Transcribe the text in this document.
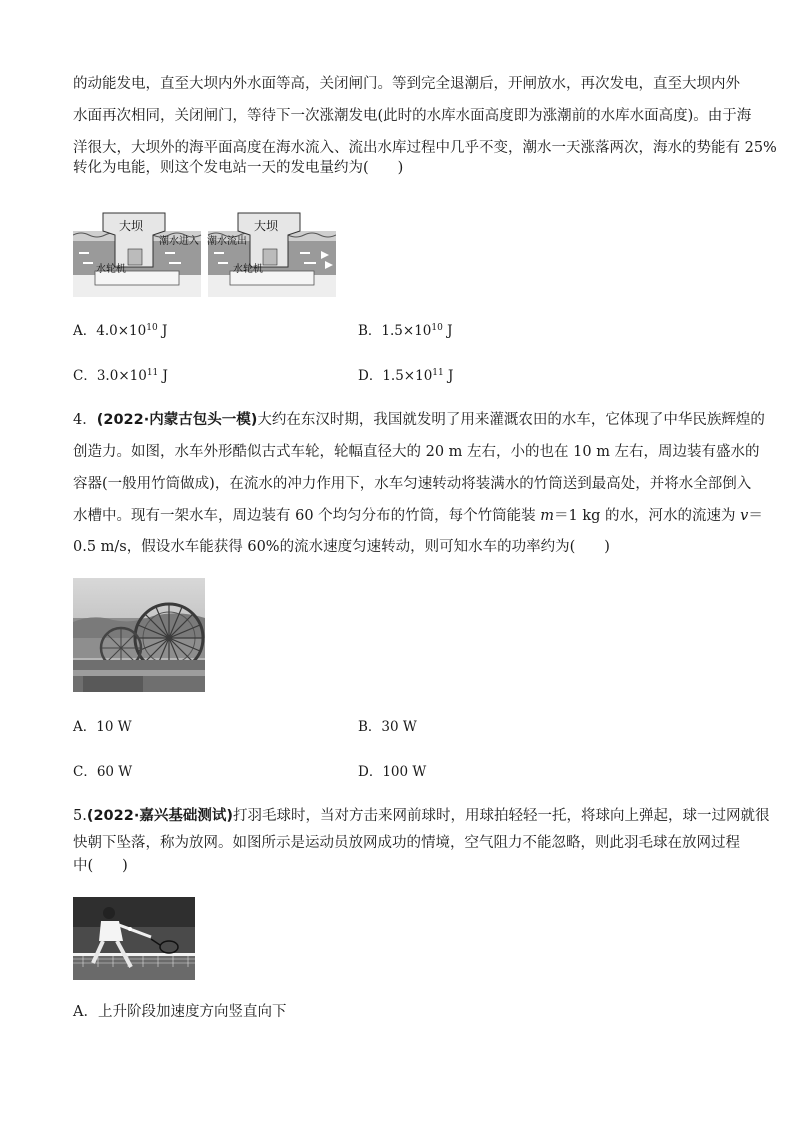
的动能发电，直至大坝内外水面等高，关闭闸门。等到完全退潮后，开闸放水，再次发电，直至大坝内外
水面再次相同，关闭闸门，等待下一次涨潮发电(此时的水库水面高度即为涨潮前的水库水面高度)。由于海
洋很大，大坝外的海平面高度在海水流入、流出水库过程中几乎不变，潮水一天涨落两次，海水的势能有 25%
转化为电能，则这个发电站一天的发电量约为(　　)
大坝	大坝
潮水进入 潮水流出
水轮机	水轮机
A．$4.0\times 10^{10}$ J	B．$1.5\times 10^{10}$ J
C．$3.0\times 10^{11}$ J	D．$1.5\times 10^{11}$ J
4．(2022·内蒙古包头一模)大约在东汉时期，我国就发明了用来灌溉农田的水车，它体现了中华民族辉煌的
创造力。如图，水车外形酷似古式车轮，轮幅直径大的 20 m 左右，小的也在 10 m 左右，周边装有盛水的
容器(一般用竹筒做成)，在流水的冲力作用下，水车匀速转动将装满水的竹筒送到最高处，并将水全部倒入
水槽中。现有一架水车，周边装有 60 个均匀分布的竹筒，每个竹筒能装 m＝1 kg 的水，河水的流速为 v＝
0.5 m/s，假设水车能获得 60%的流水速度匀速转动，则可知水车的功率约为(　　)
A．10 W	B．30 W
C．60 W	D．100 W
5.(2022·嘉兴基础测试)打羽毛球时，当对方击来网前球时，用球拍轻轻一托，将球向上弹起，球一过网就很
快朝下坠落，称为放网。如图所示是运动员放网成功的情境，空气阻力不能忽略，则此羽毛球在放网过程
中(　　)
A．上升阶段加速度方向竖直向下
